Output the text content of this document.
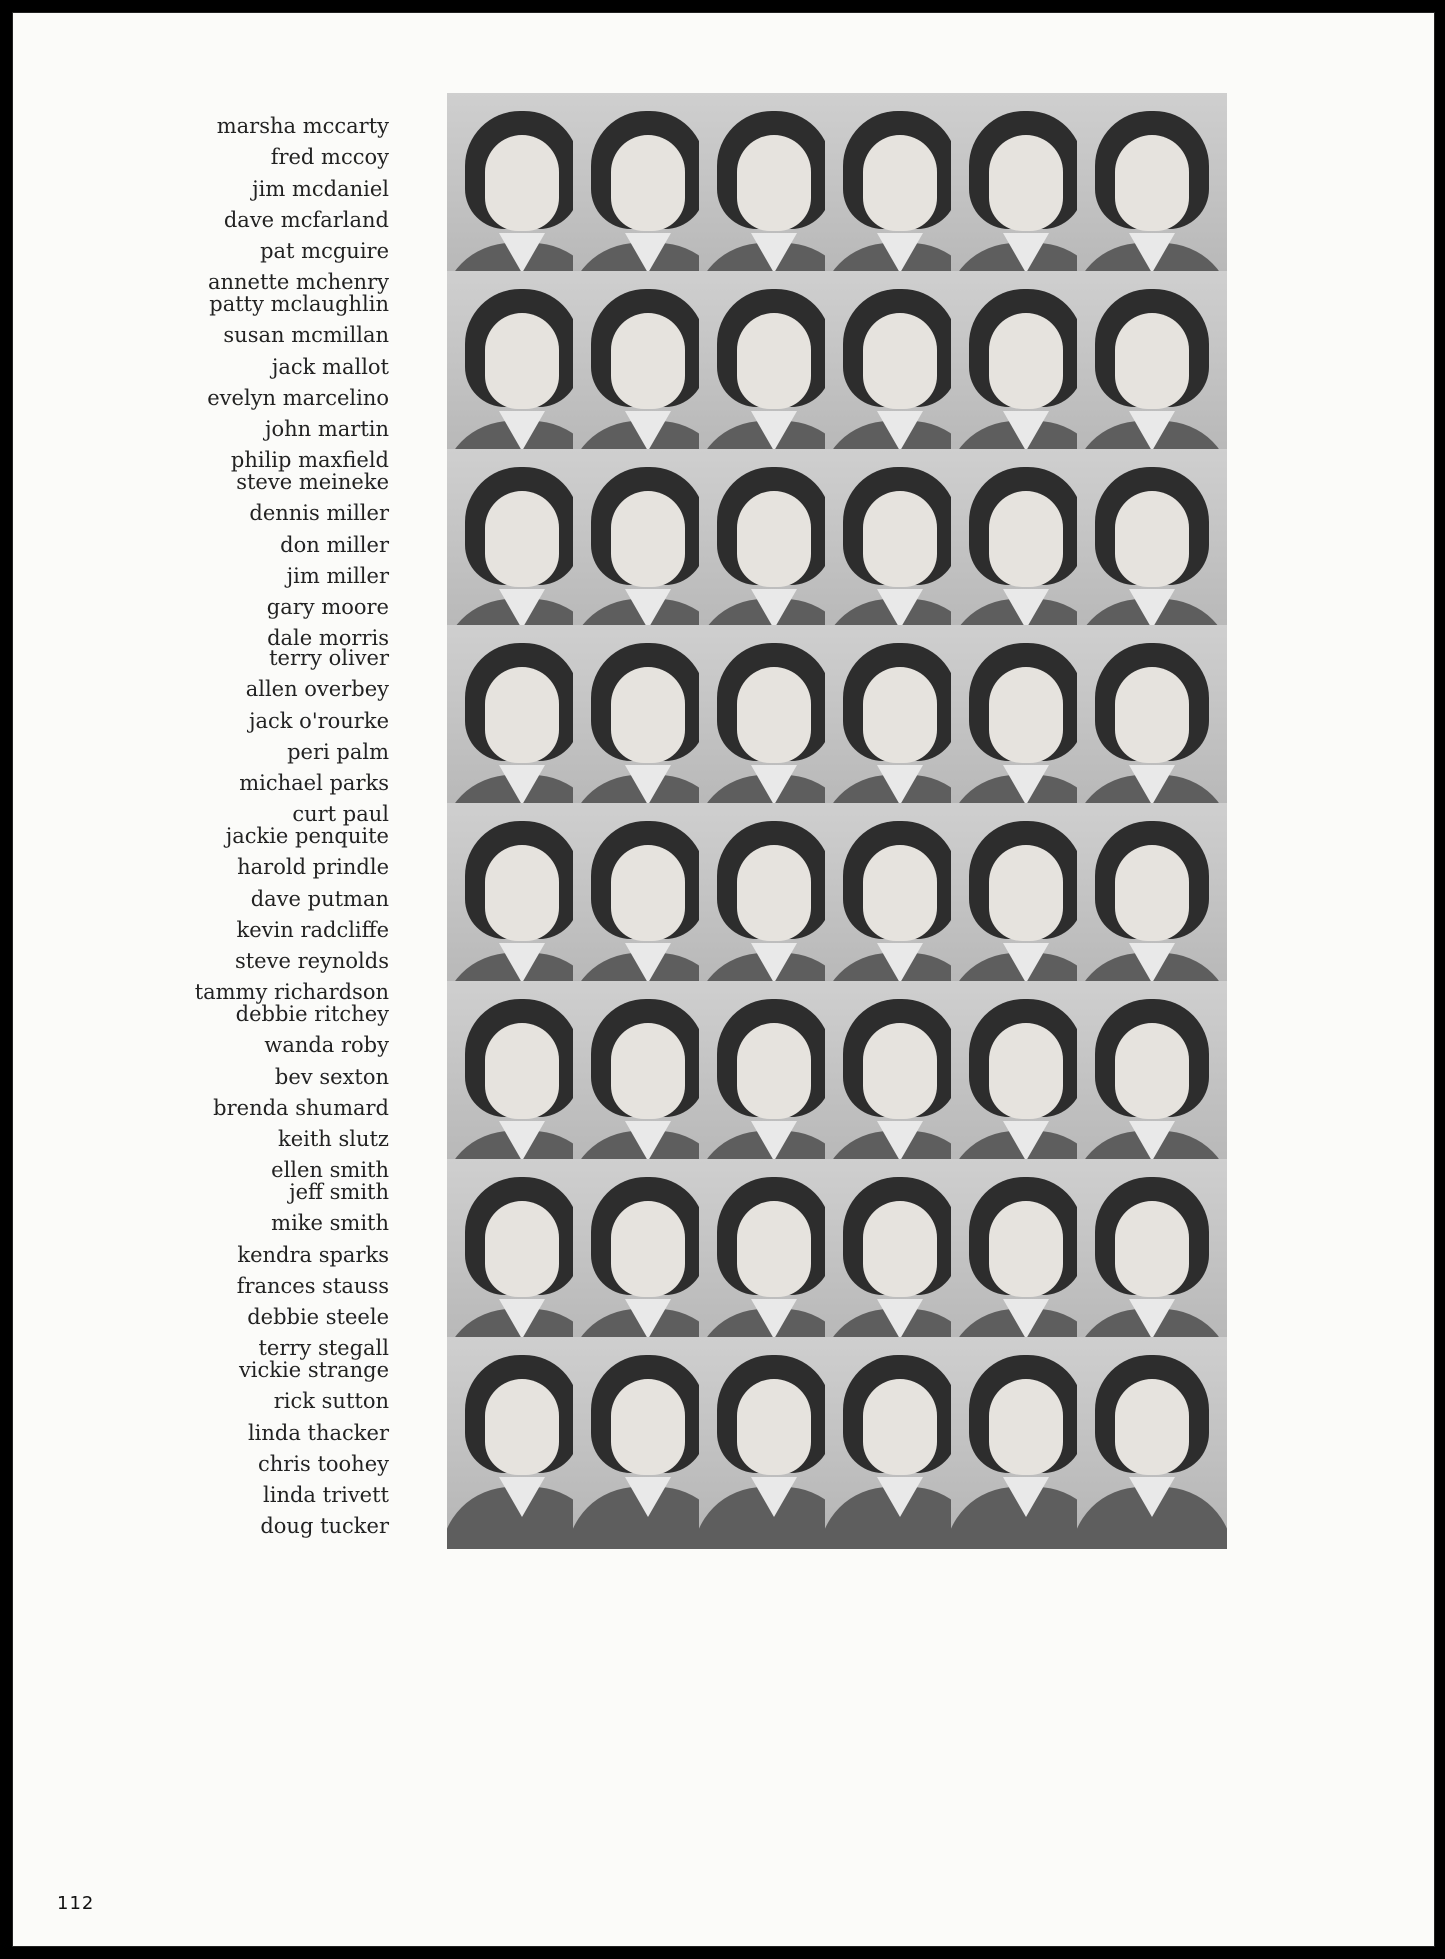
marsha mccarty
fred mccoy
jim mcdaniel
dave mcfarland
pat mcguire
annette mchenry
patty mclaughlin
susan mcmillan
jack mallot
evelyn marcelino
john martin
philip maxfield
steve meineke
dennis miller
don miller
jim miller
gary moore
dale morris
terry oliver
allen overbey
jack o'rourke
peri palm
michael parks
curt paul
jackie penquite
harold prindle
dave putman
kevin radcliffe
steve reynolds
tammy richardson
debbie ritchey
wanda roby
bev sexton
brenda shumard
keith slutz
ellen smith
jeff smith
mike smith
kendra sparks
frances stauss
debbie steele
terry stegall
vickie strange
rick sutton
linda thacker
chris toohey
linda trivett
doug tucker
112
